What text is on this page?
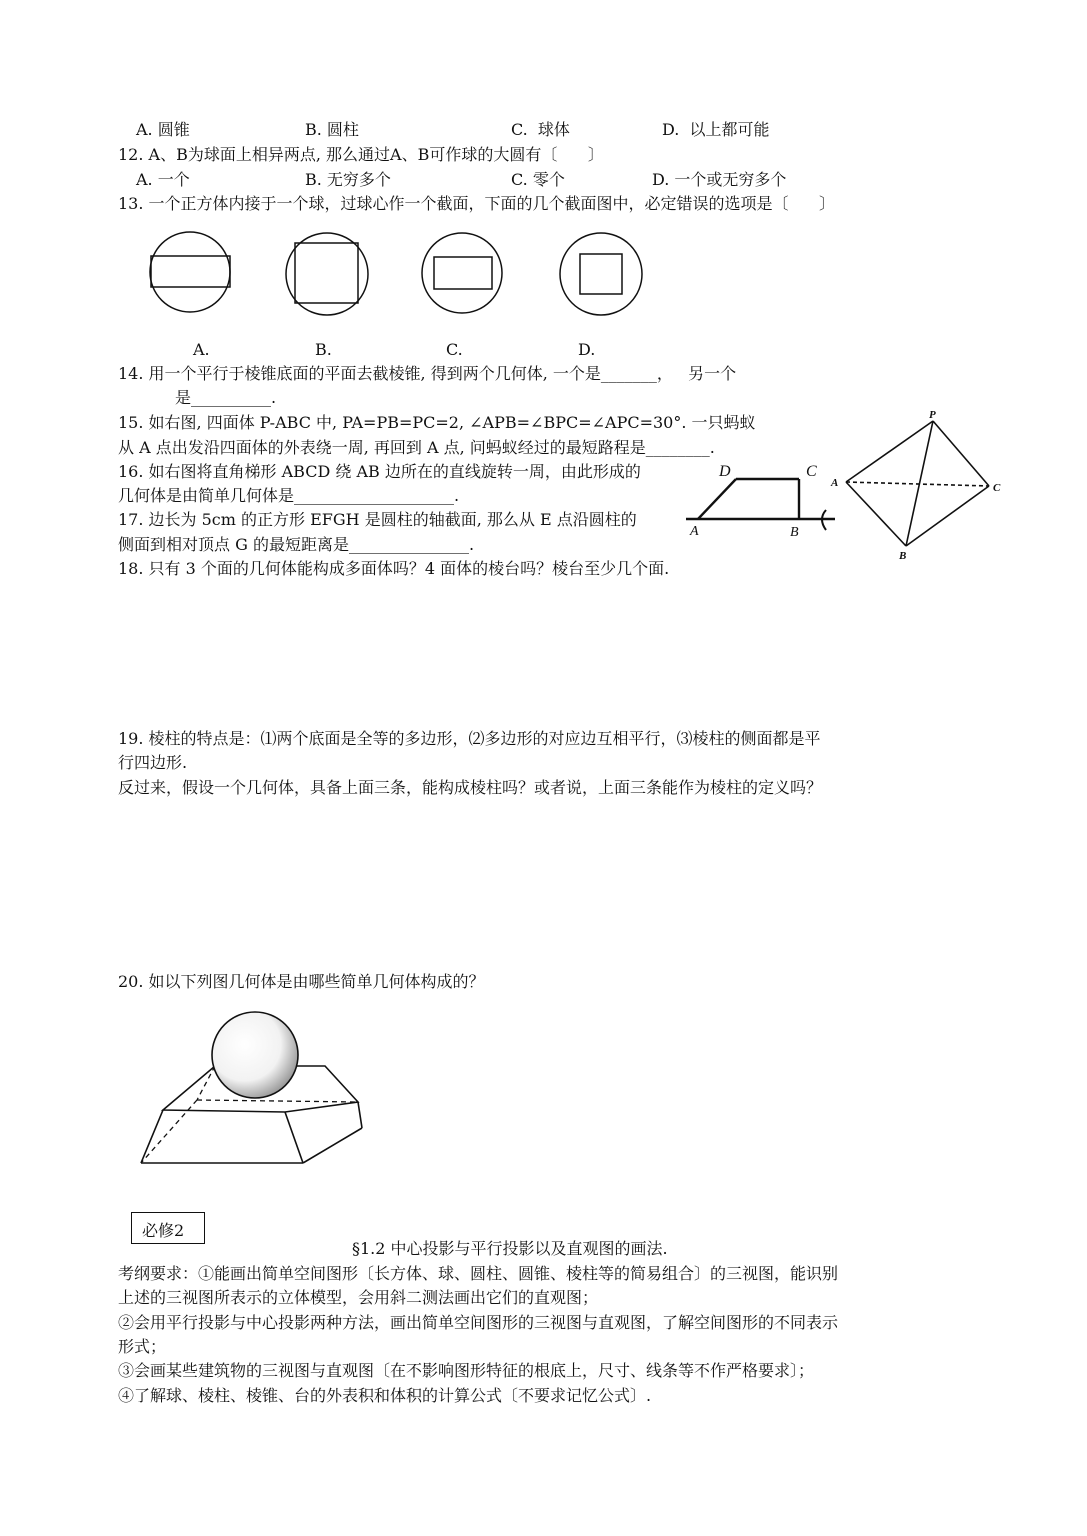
A. 圆锥	B. 圆柱	C.  球体	D.  以上都可能
12. A、B为球面上相异两点, 那么通过A、B可作球的大圆有〔      〕
A. 一个	B. 无穷多个	C. 零个	D. 一个或无穷多个
13. 一个正方体内接于一个球，过球心作一个截面，下面的几个截面图中，必定错误的选项是〔      〕
A.	B.	C.	D.
14. 用一个平行于棱锥底面的平面去截棱锥, 得到两个几何体, 一个是_______，   另一个
是__________.
15. 如右图, 四面体 P-ABC 中, PA=PB=PC=2, ∠APB=∠BPC=∠APC=30°. 一只蚂蚁
从 A 点出发沿四面体的外表绕一周, 再回到 A 点, 问蚂蚁经过的最短路程是________.
P
A	C
B
16. 如右图将直角梯形 ABCD 绕 AB 边所在的直线旋转一周，由此形成的
几何体是由简单几何体是____________________.
D	C
A	B
17. 边长为 5cm 的正方形 EFGH 是圆柱的轴截面, 那么从 E 点沿圆柱的
侧面到相对顶点 G 的最短距离是_______________.
18. 只有 3 个面的几何体能构成多面体吗？4 面体的棱台吗？棱台至少几个面.
19. 棱柱的特点是：⑴两个底面是全等的多边形，⑵多边形的对应边互相平行，⑶棱柱的侧面都是平
行四边形.
反过来，假设一个几何体，具备上面三条，能构成棱柱吗？或者说，上面三条能作为棱柱的定义吗？
20. 如以下列图几何体是由哪些简单几何体构成的？
必修2
§1.2 中心投影与平行投影以及直观图的画法.
考纲要求：①能画出简单空间图形〔长方体、球、圆柱、圆锥、棱柱等的简易组合〕的三视图，能识别
上述的三视图所表示的立体模型，会用斜二测法画出它们的直观图；
②会用平行投影与中心投影两种方法，画出简单空间图形的三视图与直观图，了解空间图形的不同表示
形式；
③会画某些建筑物的三视图与直观图〔在不影响图形特征的根底上，尺寸、线条等不作严格要求〕；
④了解球、棱柱、棱锥、台的外表积和体积的计算公式〔不要求记忆公式〕.
